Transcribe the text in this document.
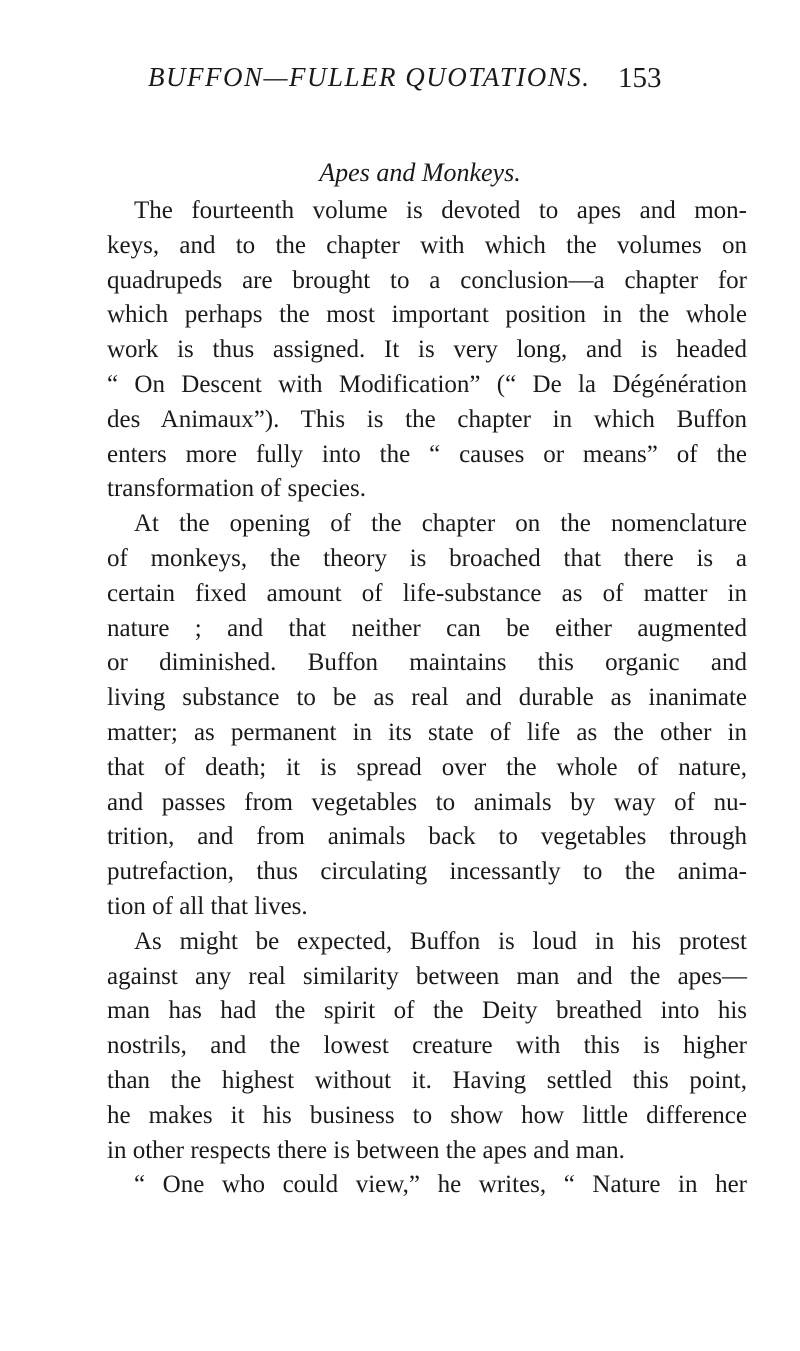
BUFFON—FULLER QUOTATIONS. 153
Apes and Monkeys.
The fourteenth volume is devoted to apes and mon-
keys, and to the chapter with which the volumes on
quadrupeds are brought to a conclusion—a chapter for
which perhaps the most important position in the whole
work is thus assigned. It is very long, and is headed
“ On Descent with Modification” (“ De la Dégénération
des Animaux”). This is the chapter in which Buffon
enters more fully into the “ causes or means” of the
transformation of species.
At the opening of the chapter on the nomenclature
of monkeys, the theory is broached that there is a
certain fixed amount of life-substance as of matter in
nature ; and that neither can be either augmented
or diminished. Buffon maintains this organic and
living substance to be as real and durable as inanimate
matter; as permanent in its state of life as the other in
that of death; it is spread over the whole of nature,
and passes from vegetables to animals by way of nu-
trition, and from animals back to vegetables through
putrefaction, thus circulating incessantly to the anima-
tion of all that lives.
As might be expected, Buffon is loud in his protest
against any real similarity between man and the apes—
man has had the spirit of the Deity breathed into his
nostrils, and the lowest creature with this is higher
than the highest without it. Having settled this point,
he makes it his business to show how little difference
in other respects there is between the apes and man.
“ One who could view,” he writes, “ Nature in her
